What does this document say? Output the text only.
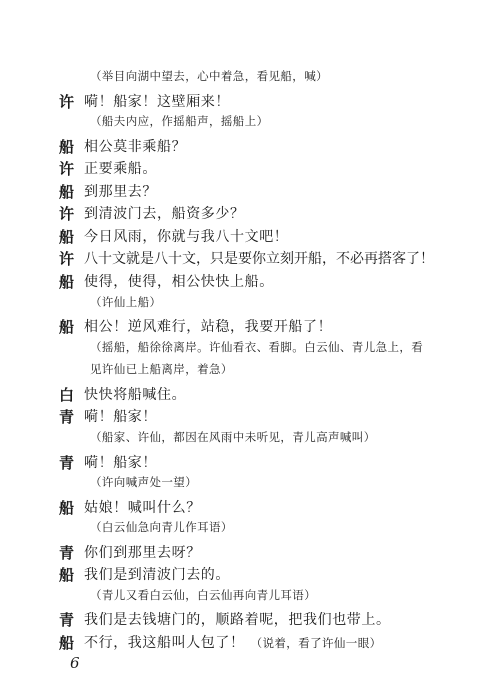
（举目向湖中望去，心中着急，看见船，喊）
许 嗬！船家！这壁厢来！
（船夫内应，作摇船声，摇船上）
船 相公莫非乘船？
许 正要乘船。
船 到那里去？
许 到清波门去，船资多少？
船 今日风雨，你就与我八十文吧！
许 八十文就是八十文，只是要你立刻开船，不必再搭客了！
船 使得，使得，相公快快上船。
（许仙上船）
船 相公！逆风难行，站稳，我要开船了！
（摇船，船徐徐离岸。许仙看衣、看脚。白云仙、青儿急上，看
见许仙已上船离岸，着急）
白 快快将船喊住。
青 嗬！船家！
（船家、许仙，都因在风雨中未听见，青儿高声喊叫）
青 嗬！船家！
（许向喊声处一望）
船 姑娘！喊叫什么？
（白云仙急向青儿作耳语）
青 你们到那里去呀？
船 我们是到清波门去的。
（青儿又看白云仙，白云仙再向青儿耳语）
青 我们是去钱塘门的，顺路着呢，把我们也带上。
船 不行，我这船叫人包了！ （说着，看了许仙一眼）
6
